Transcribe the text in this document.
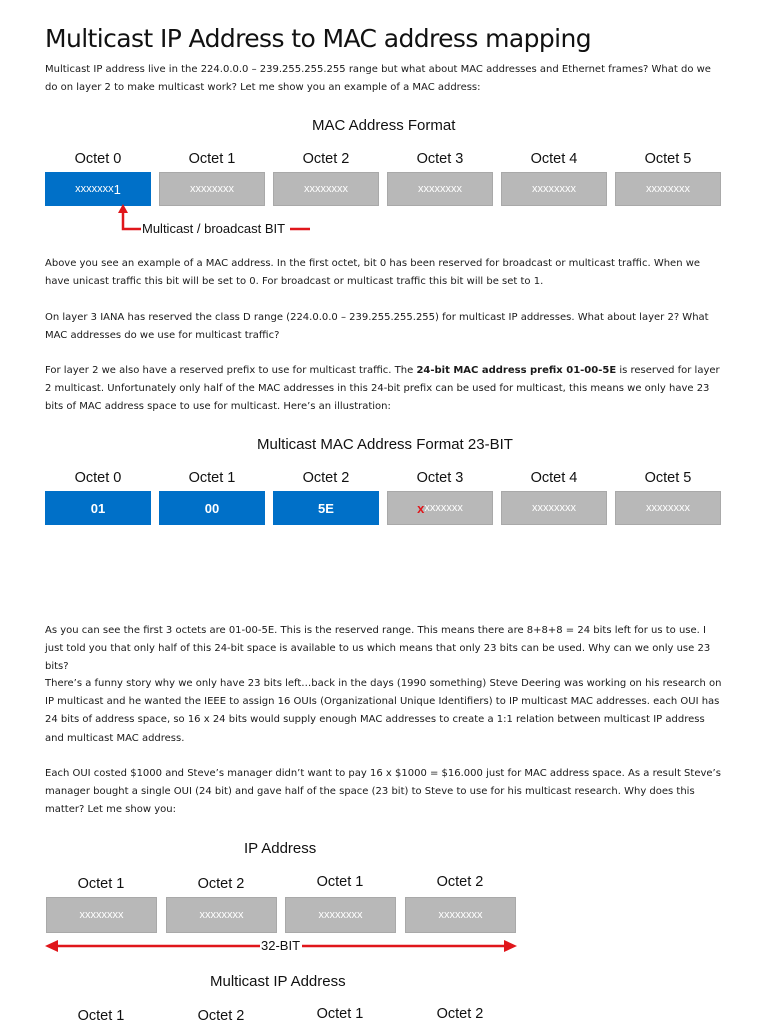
Multicast IP Address to MAC address mapping

Multicast IP address live in the 224.0.0.0 – 239.255.255.255 range but what about MAC addresses and Ethernet frames? What do we do on layer 2 to make multicast work? Let me show you an example of a MAC address:

MAC Address Format
Octet 0	Octet 1	Octet 2	Octet 3	Octet 4	Octet 5
xxxxxxx 1	xxxxxxxx	xxxxxxxx	xxxxxxxx	xxxxxxxx	xxxxxxxx
Multicast / broadcast BIT

Above you see an example of a MAC address. In the first octet, bit 0 has been reserved for broadcast or multicast traffic. When we have unicast traffic this bit will be set to 0. For broadcast or multicast traffic this bit will be set to 1.

On layer 3 IANA has reserved the class D range (224.0.0.0 – 239.255.255.255) for multicast IP addresses. What about layer 2? What MAC addresses do we use for multicast traffic?

For layer 2 we also have a reserved prefix to use for multicast traffic. The 24-bit MAC address prefix 01-00-5E is reserved for layer 2 multicast. Unfortunately only half of the MAC addresses in this 24-bit prefix can be used for multicast, this means we only have 23 bits of MAC address space to use for multicast. Here’s an illustration:

Multicast MAC Address Format 23-BIT
Octet 0	Octet 1	Octet 2	Octet 3	Octet 4	Octet 5
01	00	5E	x xxxxxxx	xxxxxxxx	xxxxxxxx

As you can see the first 3 octets are 01-00-5E. This is the reserved range. This means there are 8+8+8 = 24 bits left for us to use. I just told you that only half of this 24-bit space is available to us which means that only 23 bits can be used. Why can we only use 23 bits?

There’s a funny story why we only have 23 bits left…back in the days (1990 something) Steve Deering was working on his research on IP multicast and he wanted the IEEE to assign 16 OUIs (Organizational Unique Identifiers) to IP multicast MAC addresses. each OUI has 24 bits of address space, so 16 x 24 bits would supply enough MAC addresses to create a 1:1 relation between multicast IP address and multicast MAC address.

Each OUI costed $1000 and Steve’s manager didn’t want to pay 16 x $1000 = $16.000 just for MAC address space. As a result Steve’s manager bought a single OUI (24 bit) and gave half of the space (23 bit) to Steve to use for his multicast research. Why does this matter? Let me show you:

IP Address
Octet 1	Octet 2	Octet 1	Octet 2
xxxxxxxx	xxxxxxxx	xxxxxxxx	xxxxxxxx
32-BIT
Multicast IP Address
Octet 1	Octet 2	Octet 1	Octet 2
